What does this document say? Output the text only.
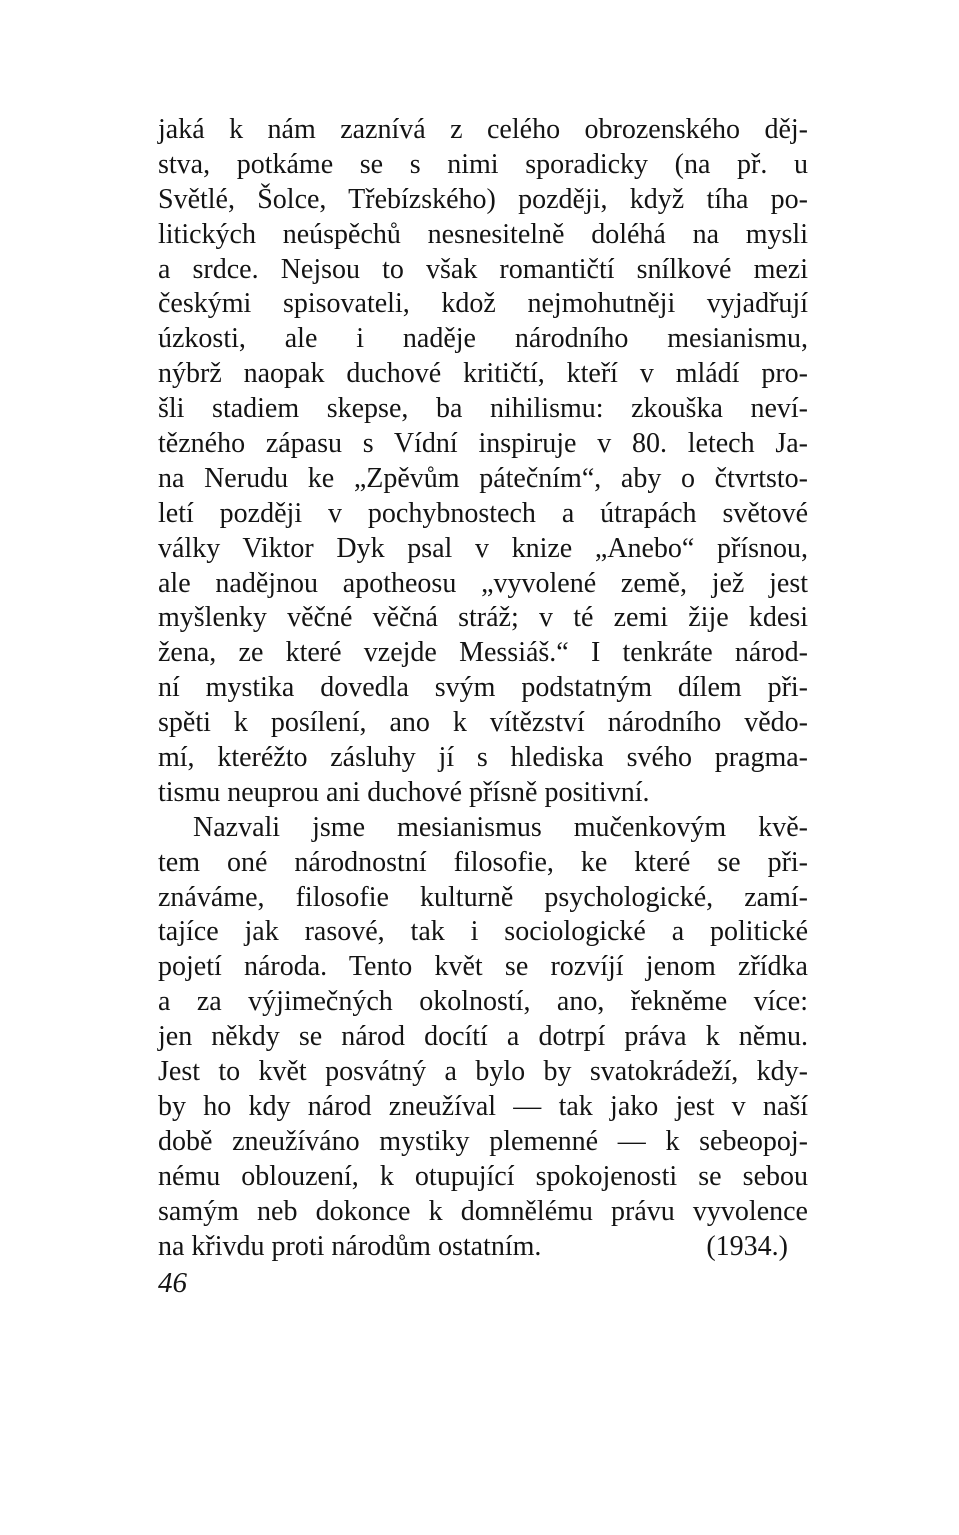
jaká k nám zaznívá z celého obrozenského děj-
stva, potkáme se s nimi sporadicky (na př. u
Světlé, Šolce, Třebízského) později, když tíha po-
litických neúspěchů nesnesitelně doléhá na mysli
a srdce. Nejsou to však romantičtí snílkové mezi
českými spisovateli, kdož nejmohutněji vyjadřují
úzkosti, ale i naděje národního mesianismu,
nýbrž naopak duchové kritičtí, kteří v mládí pro-
šli stadiem skepse, ba nihilismu: zkouška neví-
tězného zápasu s Vídní inspiruje v 80. letech Ja-
na Nerudu ke „Zpěvům pátečním“, aby o čtvrtsto-
letí později v pochybnostech a útrapách světové
války Viktor Dyk psal v knize „Anebo“ přísnou,
ale nadějnou apotheosu „vyvolené země, jež jest
myšlenky věčné věčná stráž; v té zemi žije kdesi
žena, ze které vzejde Messiáš.“ I tenkráte národ-
ní mystika dovedla svým podstatným dílem při-
spěti k posílení, ano k vítězství národního vědo-
mí, kteréžto zásluhy jí s hlediska svého pragma-
tismu neuprou ani duchové přísně positivní.
Nazvali jsme mesianismus mučenkovým kvě-
tem oné národnostní filosofie, ke které se při-
znáváme, filosofie kulturně psychologické, zamí-
tajíce jak rasové, tak i sociologické a politické
pojetí národa. Tento květ se rozvíjí jenom zřídka
a za výjimečných okolností, ano, řekněme více:
jen někdy se národ docítí a dotrpí práva k němu.
Jest to květ posvátný a bylo by svatokrádeží, kdy-
by ho kdy národ zneužíval — tak jako jest v naší
době zneužíváno mystiky plemenné — k sebeopoj-
nému oblouzení, k otupující spokojenosti se sebou
samým neb dokonce k domnělému právu vyvolence
na křivdu proti národům ostatním.	(1934.)
46
